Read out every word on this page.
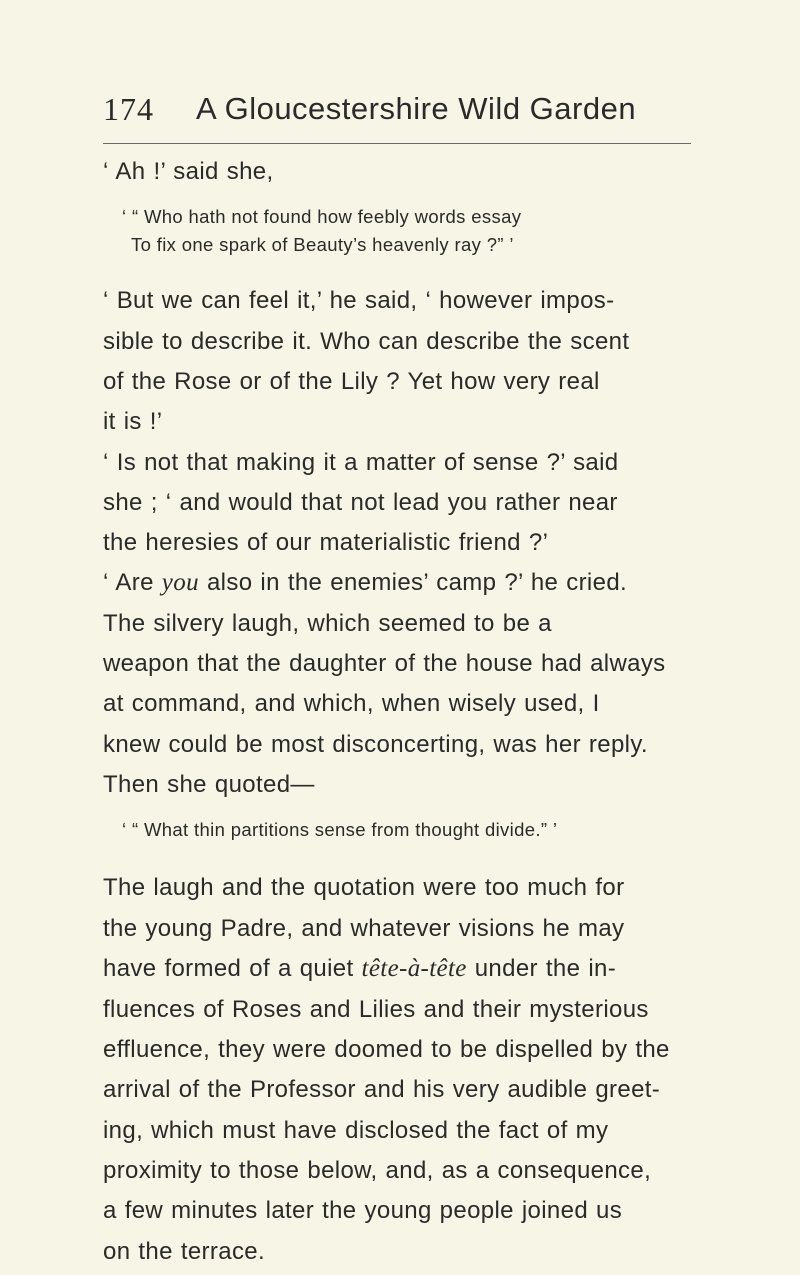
174 A Gloucestershire Wild Garden
‘ Ah !’ said she,
‘ “ Who hath not found how feebly words essay
To fix one spark of Beauty’s heavenly ray ?” ’
‘ But we can feel it,’ he said, ‘ however impos-
sible to describe it. Who can describe the scent
of the Rose or of the Lily ? Yet how very real
it is !’
‘ Is not that making it a matter of sense ?’ said
she ; ‘ and would that not lead you rather near
the heresies of our materialistic friend ?’
‘ Are you also in the enemies’ camp ?’ he cried.
The silvery laugh, which seemed to be a
weapon that the daughter of the house had always
at command, and which, when wisely used, I
knew could be most disconcerting, was her reply.
Then she quoted—
‘ “ What thin partitions sense from thought divide.” ’
The laugh and the quotation were too much for
the young Padre, and whatever visions he may
have formed of a quiet tête-à-tête under the in-
fluences of Roses and Lilies and their mysterious
effluence, they were doomed to be dispelled by the
arrival of the Professor and his very audible greet-
ing, which must have disclosed the fact of my
proximity to those below, and, as a consequence,
a few minutes later the young people joined us
on the terrace.
